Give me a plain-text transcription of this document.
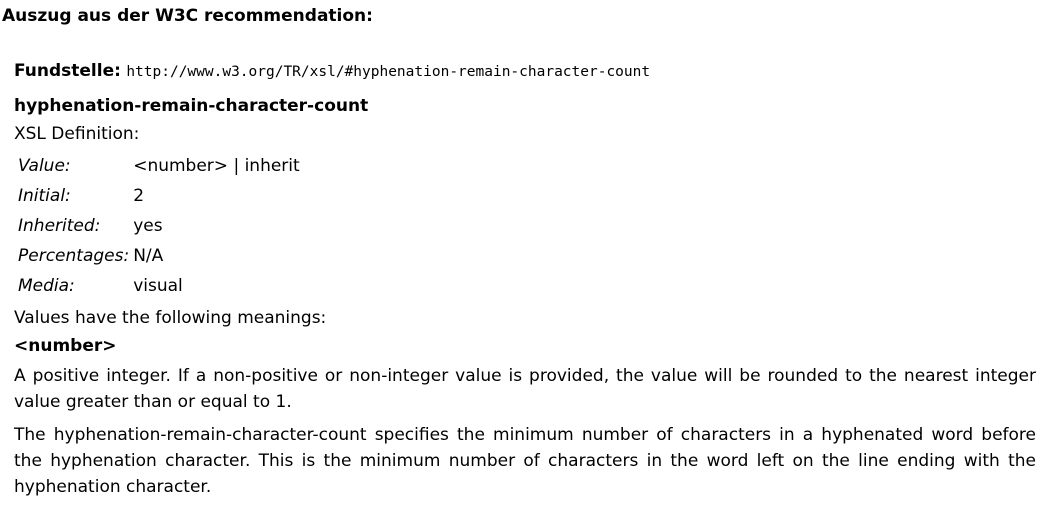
Auszug aus der W3C recommendation:
Fundstelle: http://www.w3.org/TR/xsl/#hyphenation-remain-character-count
hyphenation-remain-character-count
XSL Definition:
Value:	<number> | inherit
Initial:	2
Inherited:	yes
Percentages:	N/A
Media:	visual
Values have the following meanings:
<number>

A positive integer. If a non-positive or non-integer value is provided, the value will be rounded to the nearest integer value greater than or equal to 1.

The hyphenation-remain-character-count specifies the minimum number of characters in a hyphenated word before the hyphenation character. This is the minimum number of characters in the word left on the line ending with the hyphenation character.
